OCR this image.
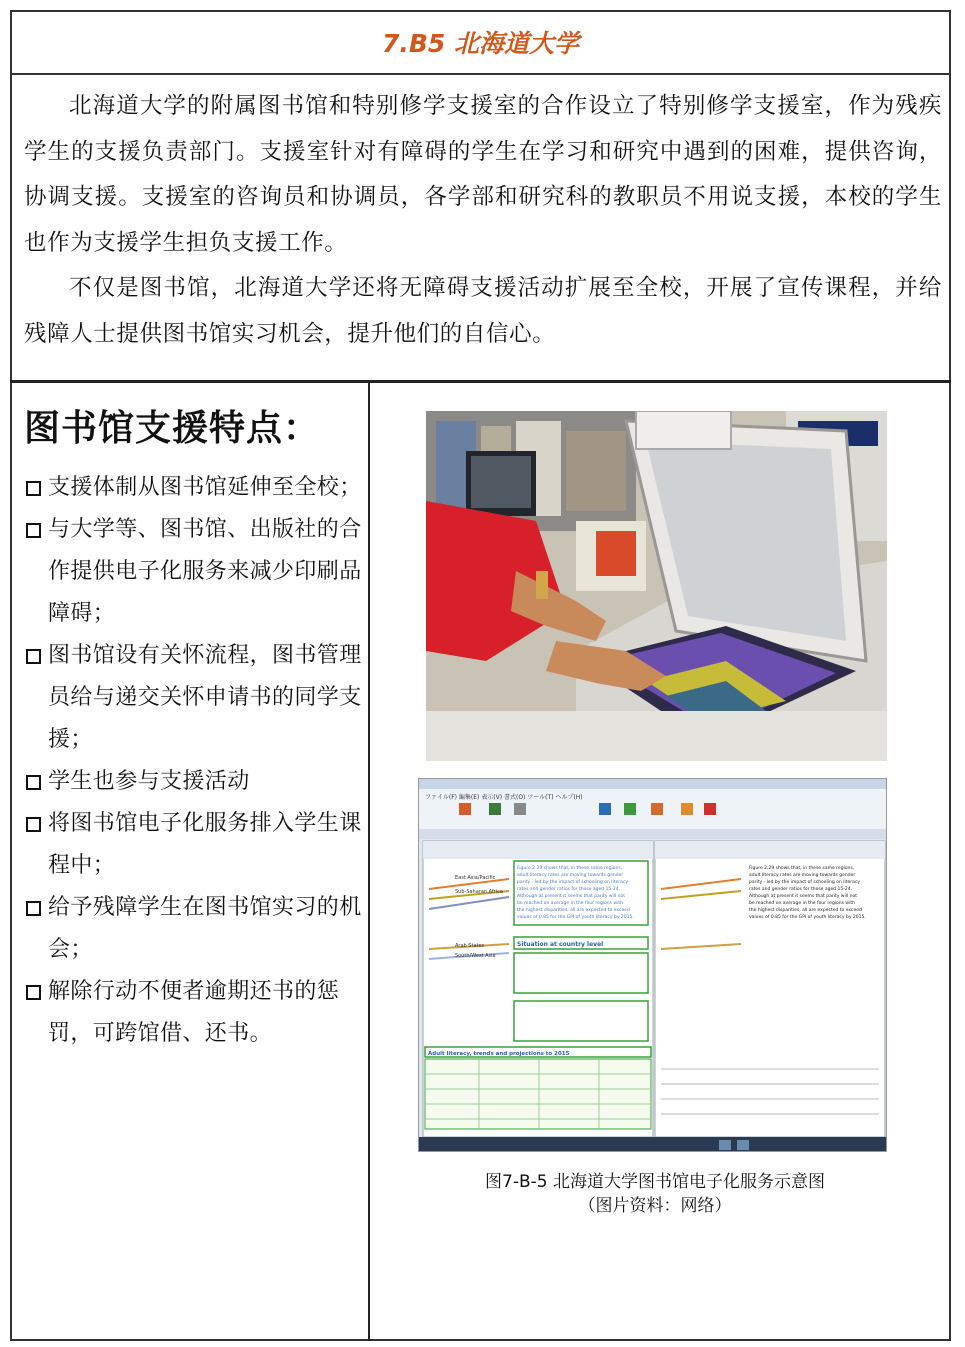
7.B5 北海道大学

北海道大学的附属图书馆和特别修学支援室的合作设立了特别修学支援室，作为残疾学生的支援负责部门。支援室针对有障碍的学生在学习和研究中遇到的困难，提供咨询，协调支援。支援室的咨询员和协调员，各学部和研究科的教职员不用说支援，本校的学生也作为支援学生担负支援工作。

不仅是图书馆，北海道大学还将无障碍支援活动扩展至全校，开展了宣传课程，并给残障人士提供图书馆实习机会，提升他们的自信心。

图书馆支援特点：
支援体制从图书馆延伸至全校；
与大学等、图书馆、出版社的合作提供电子化服务来减少印刷品障碍；
图书馆设有关怀流程，图书管理员给与递交关怀申请书的同学支援；
学生也参与支援活动
将图书馆电子化服务排入学生课程中；
给予残障学生在图书馆实习的机会；
解除行动不便者逾期还书的惩罚，可跨馆借、还书。
ファイル(F) 編集(E) 表示(V) 書式(O) ツール(T) ヘルプ(H)
East Asia/Pacific
Sub-Saharan Africa
Arab States
South/West Asia
Figure 2.29 shows that, in these same regions,
adult literacy rates are moving towards gender
parity - led by the impact of schooling on literacy
rates and gender ratios for those aged 15-24.
Although at present it seems that parity will not
be reached on average in the four regions with
the highest disparities, all are expected to exceed
values of 0.85 for the GPI of youth literacy by 2015.
Situation at country level
Adult literacy, trends and projections to 2015
Figure 2.29 shows that, in these same regions,
adult literacy rates are moving towards gender
parity - led by the impact of schooling on literacy
rates and gender ratios for those aged 15-24.
Although at present it seems that parity will not
be reached on average in the four regions with
the highest disparities, all are expected to exceed
values of 0.85 for the GPI of youth literacy by 2015.
图7-B-5 北海道大学图书馆电子化服务示意图
（图片资料：网络）
